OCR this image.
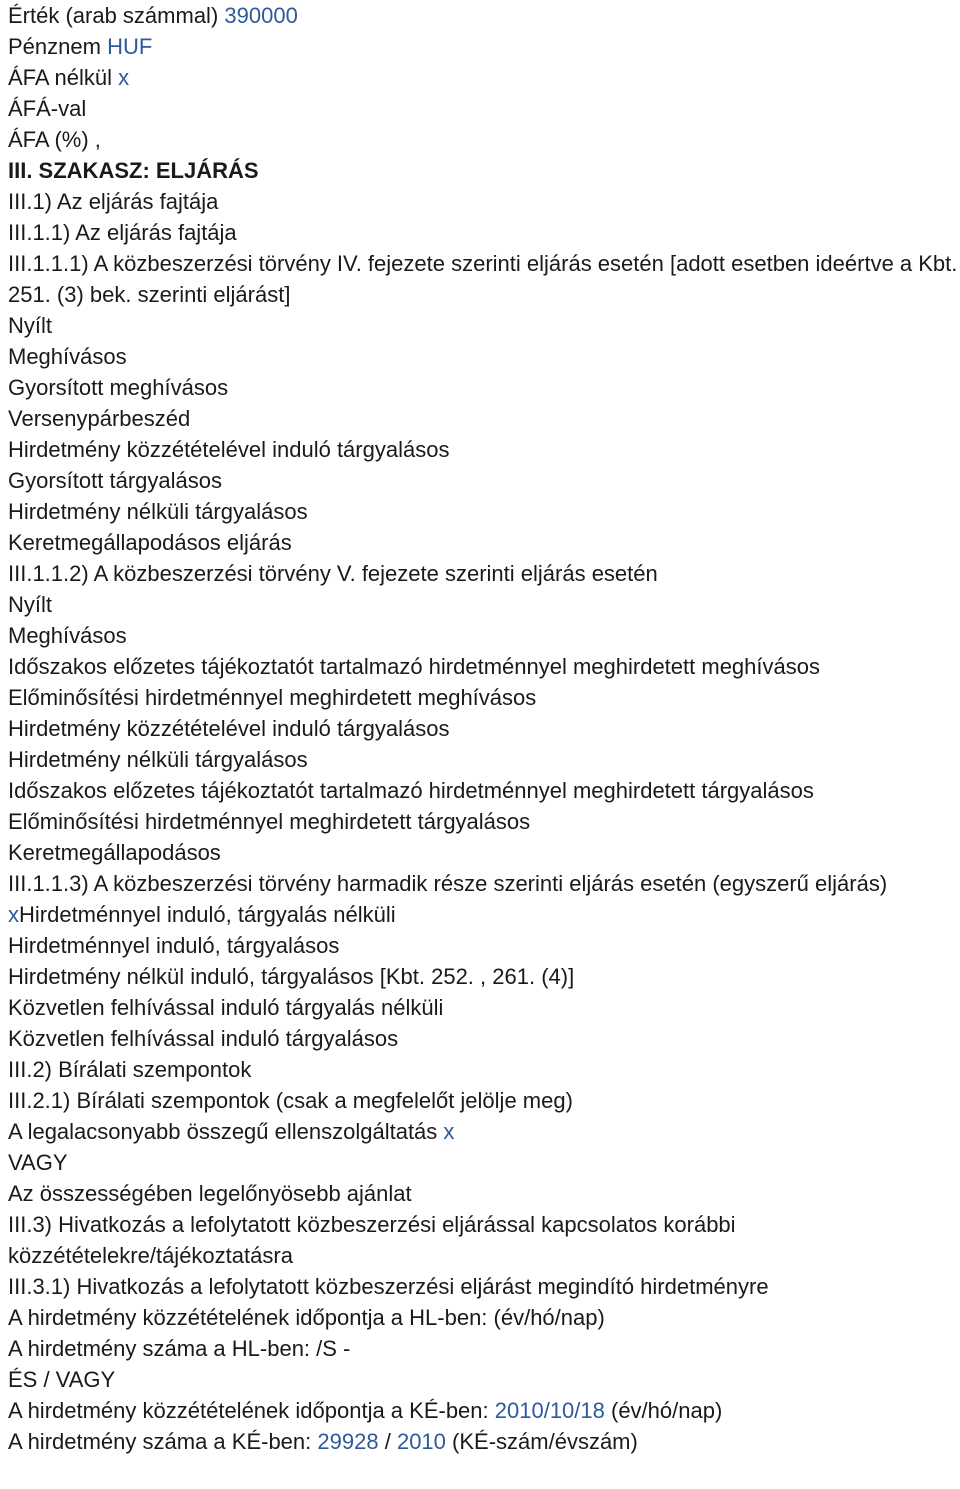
Érték (arab számmal) 390000
Pénznem HUF
ÁFA nélkül x
ÁFÁ-val
ÁFA (%) ,
III. SZAKASZ: ELJÁRÁS
III.1) Az eljárás fajtája
III.1.1) Az eljárás fajtája
III.1.1.1) A közbeszerzési törvény IV. fejezete szerinti eljárás esetén [adott esetben ideértve a Kbt. 251. (3) bek. szerinti eljárást]
Nyílt
Meghívásos
Gyorsított meghívásos
Versenypárbeszéd
Hirdetmény közzétételével induló tárgyalásos
Gyorsított tárgyalásos
Hirdetmény nélküli tárgyalásos
Keretmegállapodásos eljárás
III.1.1.2) A közbeszerzési törvény V. fejezete szerinti eljárás esetén
Nyílt
Meghívásos
Időszakos előzetes tájékoztatót tartalmazó hirdetménnyel meghirdetett meghívásos
Előminősítési hirdetménnyel meghirdetett meghívásos
Hirdetmény közzétételével induló tárgyalásos
Hirdetmény nélküli tárgyalásos
Időszakos előzetes tájékoztatót tartalmazó hirdetménnyel meghirdetett tárgyalásos
Előminősítési hirdetménnyel meghirdetett tárgyalásos
Keretmegállapodásos
III.1.1.3) A közbeszerzési törvény harmadik része szerinti eljárás esetén (egyszerű eljárás)
xHirdetménnyel induló, tárgyalás nélküli
Hirdetménnyel induló, tárgyalásos
Hirdetmény nélkül induló, tárgyalásos [Kbt. 252. , 261. (4)]
Közvetlen felhívással induló tárgyalás nélküli
Közvetlen felhívással induló tárgyalásos
III.2) Bírálati szempontok
III.2.1) Bírálati szempontok (csak a megfelelőt jelölje meg)
A legalacsonyabb összegű ellenszolgáltatás x
VAGY
Az összességében legelőnyösebb ajánlat
III.3) Hivatkozás a lefolytatott közbeszerzési eljárással kapcsolatos korábbi közzétételekre/tájékoztatásra
III.3.1) Hivatkozás a lefolytatott közbeszerzési eljárást megindító hirdetményre
A hirdetmény közzétételének időpontja a HL-ben: (év/hó/nap)
A hirdetmény száma a HL-ben: /S -
ÉS / VAGY
A hirdetmény közzétételének időpontja a KÉ-ben: 2010/10/18 (év/hó/nap)
A hirdetmény száma a KÉ-ben: 29928 / 2010 (KÉ-szám/évszám)
